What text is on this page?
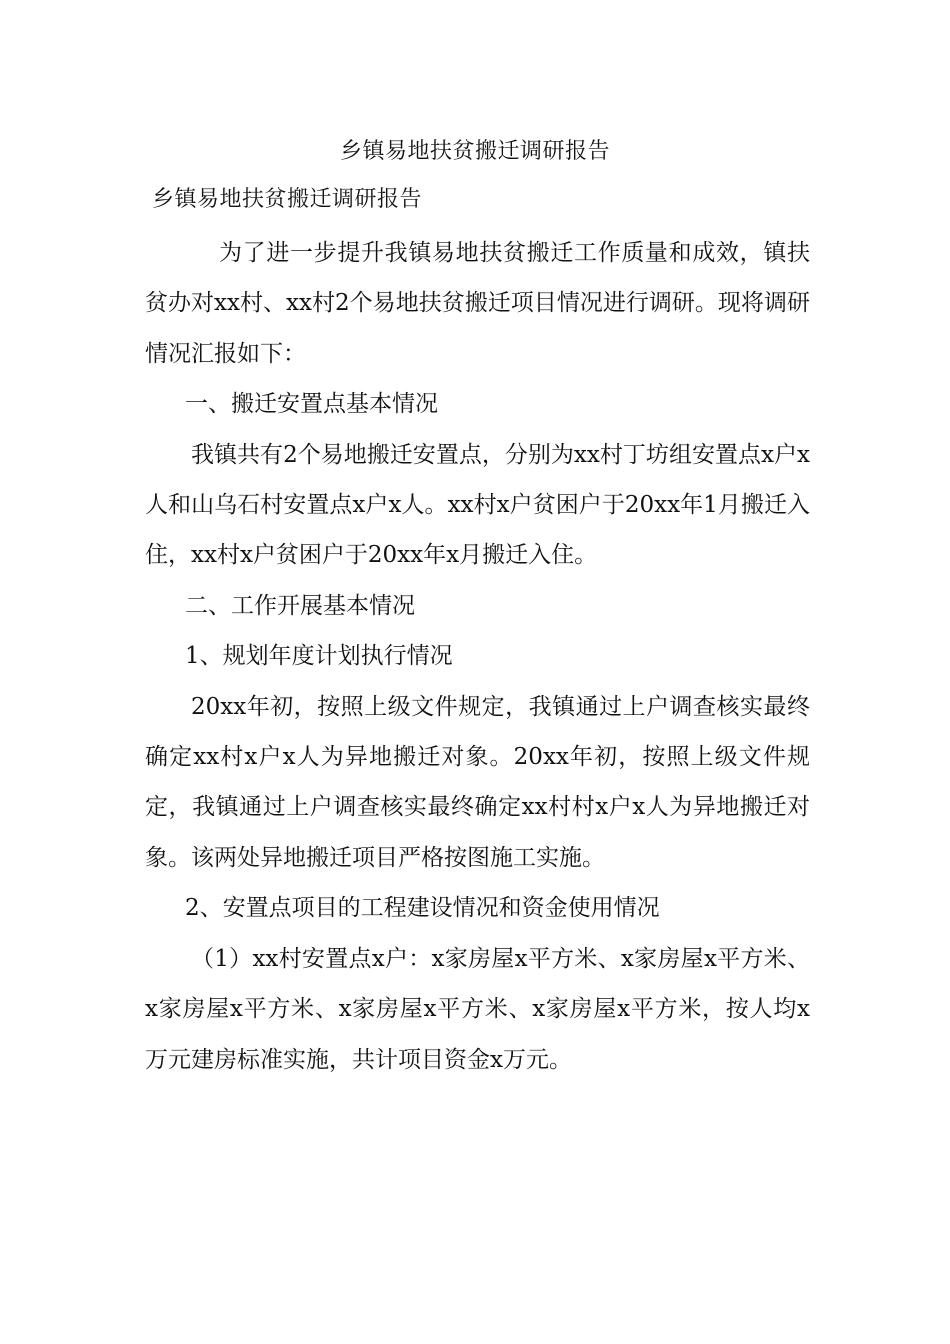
乡镇易地扶贫搬迁调研报告
乡镇易地扶贫搬迁调研报告

为了进一步提升我镇易地扶贫搬迁工作质量和成效，镇扶贫办对xx村、xx村2个易地扶贫搬迁项目情况进行调研。现将调研情况汇报如下：

一、搬迁安置点基本情况

我镇共有2个易地搬迁安置点，分别为xx村丁坊组安置点x户x人和山乌石村安置点x户x人。xx村x户贫困户于20xx年1月搬迁入住，xx村x户贫困户于20xx年x月搬迁入住。

二、工作开展基本情况

1、规划年度计划执行情况

20xx年初，按照上级文件规定，我镇通过上户调查核实最终确定xx村x户x人为异地搬迁对象。20xx年初，按照上级文件规定，我镇通过上户调查核实最终确定xx村村x户x人为异地搬迁对象。该两处异地搬迁项目严格按图施工实施。

2、安置点项目的工程建设情况和资金使用情况

（1）xx村安置点x户：x家房屋x平方米、x家房屋x平方米、x家房屋x平方米、x家房屋x平方米、x家房屋x平方米，按人均x万元建房标准实施，共计项目资金x万元。
